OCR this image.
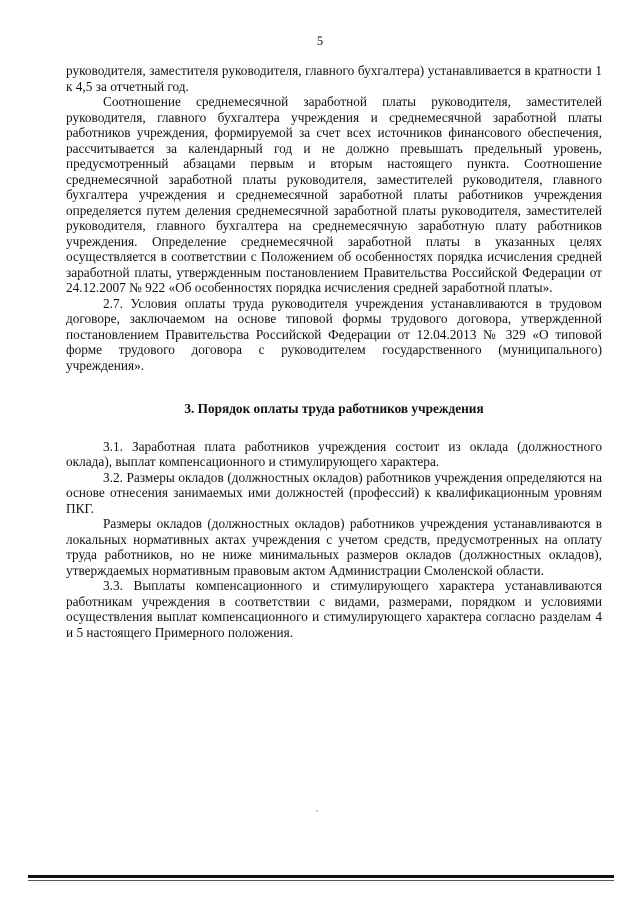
5

руководителя, заместителя руководителя, главного бухгалтера) устанавливается в кратности 1 к 4,5 за отчетный год.

Соотношение среднемесячной заработной платы руководителя, заместителей руководителя, главного бухгалтера учреждения и среднемесячной заработной платы работников учреждения, формируемой за счет всех источников финансового обеспечения, рассчитывается за календарный год и не должно превышать предельный уровень, предусмотренный абзацами первым и вторым настоящего пункта. Соотношение среднемесячной заработной платы руководителя, заместителей руководителя, главного бухгалтера учреждения и среднемесячной заработной платы работников учреждения определяется путем деления среднемесячной заработной платы руководителя, заместителей руководителя, главного бухгалтера на среднемесячную заработную плату работников учреждения. Определение среднемесячной заработной платы в указанных целях осуществляется в соответствии с Положением об особенностях порядка исчисления средней заработной платы, утвержденным постановлением Правительства Российской Федерации от 24.12.2007 № 922 «Об особенностях порядка исчисления средней заработной платы».

2.7. Условия оплаты труда руководителя учреждения устанавливаются в трудовом договоре, заключаемом на основе типовой формы трудового договора, утвержденной постановлением Правительства Российской Федерации от 12.04.2013 № 329 «О типовой форме трудового договора с руководителем государственного (муниципального) учреждения».

3. Порядок оплаты труда работников учреждения

3.1. Заработная плата работников учреждения состоит из оклада (должностного оклада), выплат компенсационного и стимулирующего характера.

3.2. Размеры окладов (должностных окладов) работников учреждения определяются на основе отнесения занимаемых ими должностей (профессий) к квалификационным уровням ПКГ.

Размеры окладов (должностных окладов) работников учреждения устанавливаются в локальных нормативных актах учреждения с учетом средств, предусмотренных на оплату труда работников, но не ниже минимальных размеров окладов (должностных окладов), утверждаемых нормативным правовым актом Администрации Смоленской области.

3.3. Выплаты компенсационного и стимулирующего характера устанавливаются работникам учреждения в соответствии с видами, размерами, порядком и условиями осуществления выплат компенсационного и стимулирующего характера согласно разделам 4 и 5 настоящего Примерного положения.
